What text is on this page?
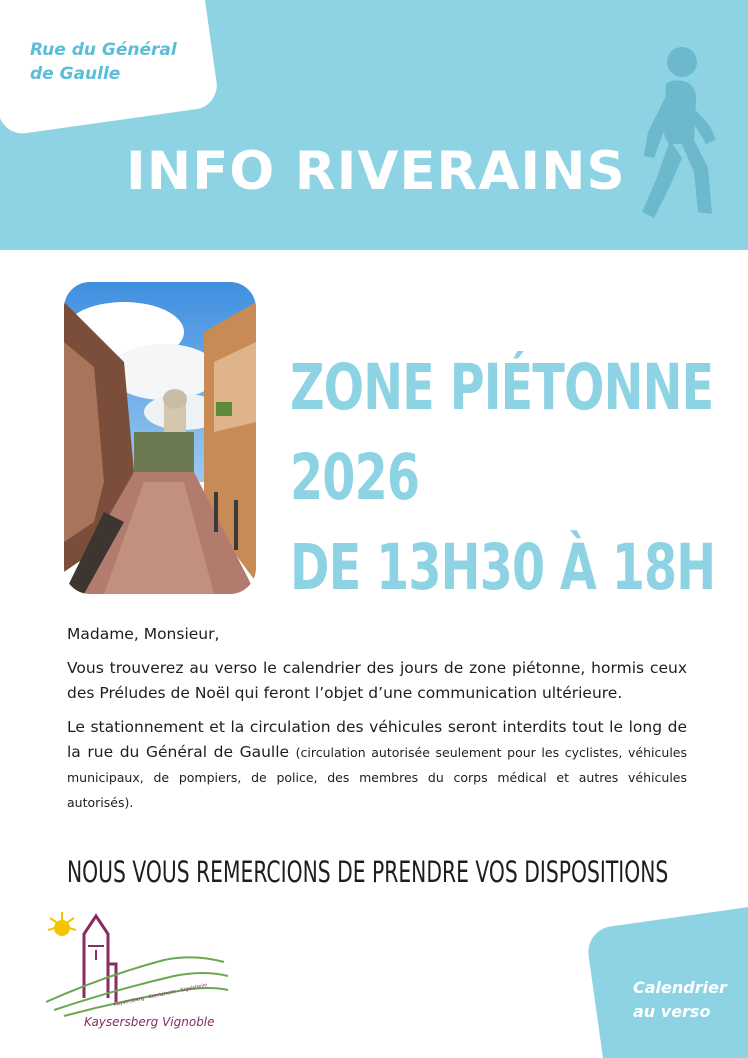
Rue du Général
de Gaulle
INFO RIVERAINS
ZONE PIÉTONNE
2026
DE 13H30 À 18H

Madame, Monsieur,

Vous trouverez au verso le calendrier des jours de zone piétonne, hormis ceux des Préludes de Noël qui feront l’objet d’une communication ultérieure.

Le stationnement et la circulation des véhicules seront interdits tout le long de la rue du Général de Gaulle (circulation autorisée seulement pour les cyclistes, véhicules municipaux, de pompiers, de police, des membres du corps médical et autres véhicules autorisés).

NOUS VOUS REMERCIONS DE PRENDRE VOS DISPOSITIONS
Kaysersberg · Kientzheim · Sigolsheim
Kaysersberg Vignoble
Calendrier
au verso
